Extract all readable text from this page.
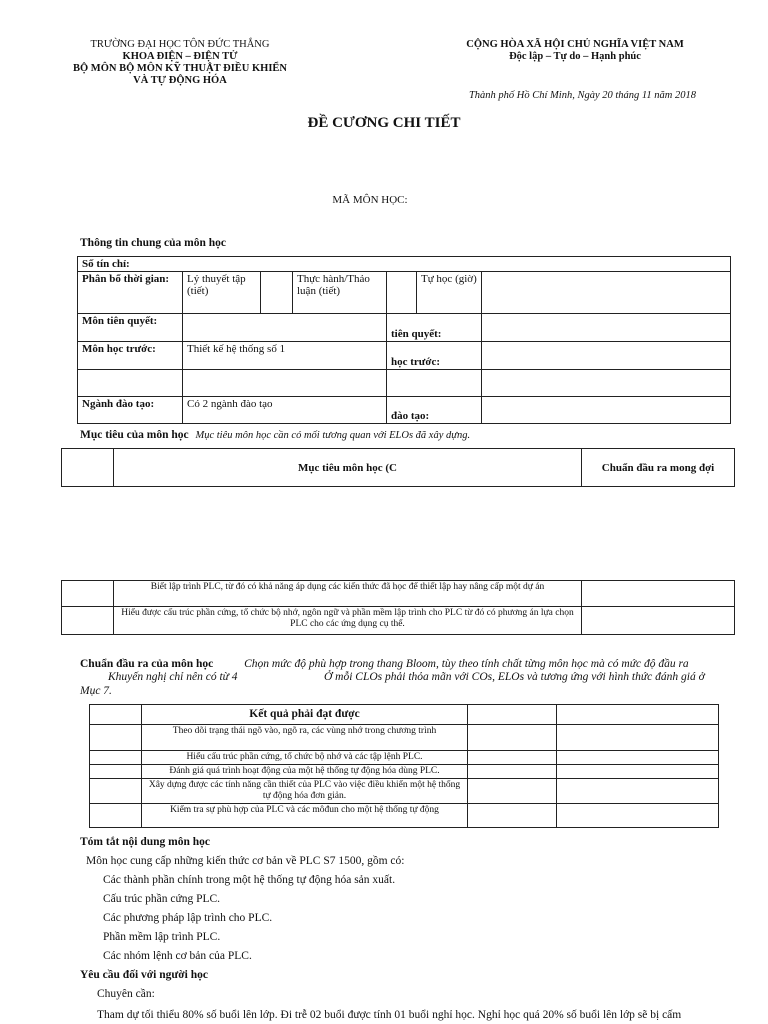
TRƯỜNG ĐẠI HỌC TÔN ĐỨC THẮNG
KHOA ĐIỆN – ĐIỆN TỬ
BỘ MÔN BỘ MÔN KỸ THUẬT ĐIỀU KHIỂN
VÀ TỰ ĐỘNG HÓA
CỘNG HÒA XÃ HỘI CHỦ NGHĨA VIỆT NAM
Độc lập – Tự do – Hạnh phúc
Thành phố Hồ Chí Minh, Ngày 20 tháng 11 năm 2018
ĐỀ CƯƠNG CHI TIẾT
MÃ MÔN HỌC:

Thông tin chung của môn học

Số tín chỉ:						
Phân bổ thời gian:	Lý thuyết tập (tiết)		Thực hành/Thảo luận (tiết)		Tự học (giờ)	
Môn tiên quyết:				tiên quyết:		
Môn học trước:	Thiết kế hệ thống số 1			học trước:		

Ngành đào tạo:	Có 2 ngành đào tạo			đào tạo:		

Mục tiêu của môn học Mục tiêu môn học cần có mối tương quan với ELOs đã xây dựng.

	Mục tiêu môn học (C	Chuẩn đầu ra mong đợi
	Biết lập trình PLC, từ đó có khả năng áp dụng các kiến thức đã học để thiết lập hay nâng cấp một dự án	
	Hiểu được cấu trúc phần cứng, tổ chức bộ nhớ, ngôn ngữ và phần mềm lập trình cho PLC từ đó có phương án lựa chọn PLC cho các ứng dụng cụ thể.	

Chuẩn đầu ra của môn học	Chọn mức độ phù hợp trong thang Bloom, tùy theo tính chất từng môn học mà có mức độ đầu ra

Khuyến nghị chỉ nên có từ 4	Ở mỗi CLOs phải thỏa mãn với COs, ELOs và tương ứng với hình thức đánh giá ở

Mục 7.

	Kết quả phải đạt được		
	Theo dõi trạng thái ngõ vào, ngõ ra, các vùng nhớ trong chương trình		
	Hiểu cấu trúc phần cứng, tổ chức bộ nhớ và các tập lệnh PLC.		
	Đánh giá quá trình hoạt động của một hệ thống tự động hóa dùng PLC.		
	Xây dựng được các tính năng cần thiết của PLC vào việc điều khiển một hệ thống tự động hóa đơn giản.		
	Kiểm tra sự phù hợp của PLC và các môđun cho một hệ thống tự động		

Tóm tắt nội dung môn học

Môn học cung cấp những kiến thức cơ bản về PLC S7 1500, gồm có:

Các thành phần chính trong một hệ thống tự động hóa sản xuất.

Cấu trúc phần cứng PLC.

Các phương pháp lập trình cho PLC.

Phần mềm lập trình PLC.

Các nhóm lệnh cơ bản của PLC.

Yêu cầu đối với người học

Chuyên cần:

Tham dự tối thiểu 80% số buổi lên lớp. Đi trễ 02 buổi được tính 01 buổi nghỉ học. Nghỉ học quá 20% số buổi lên lớp sẽ bị cấm
